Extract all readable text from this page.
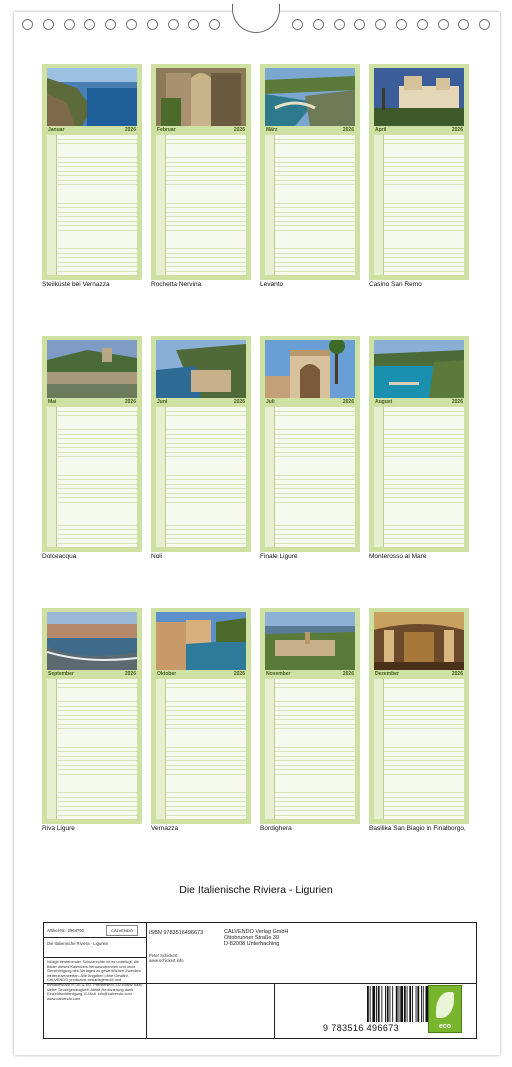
Januar	2026
Steilküste bei Vernazza
Februar	2026
Rochetta Nervina
März	2026
Levanto
April	2026
Casino San Remo
Mai	2026
Dolceacqua
Juni	2026
Noli
Juli	2026
Finale Ligure
August	2026
Monterosso al Mare
September	2026
Riva Ligure
Oktober	2026
Vernazza
November	2026
Bordighera
Dezember	2026
Basilika San Biagio in Finalborgo,
Die Italienische Riviera - Ligurien
Artikel-Nr.: 2964790	CALVENDO
Die Italienische Riviera - Ligurien
Infolge bestehender Schutzrechte ist es unbefugt, die Bilder dieses Kalenders herauszutrennen und ohne Genehmigung des Verlages zu gewerblichen Zwecken weiterzuverwerten. Alle Angaben ohne Gewähr. CALVENDO produziert bedarfsgerecht und klimabewusst in DE & EU. Preisfehler/CO2-Bilanz dazu siehe: Druckgenauigkeit. Abfall-Reduzierung dank Einzeldruckfertigung. E-Mail: info@calvendo.com · www.calvendo.com
ISBN 9783516496673
Peter Schickert
www.schickert.info
CALVENDO Verlag GmbH
Ottobrunner Straße 39
D-82008 Unterhaching
9 783516 496673	eco
